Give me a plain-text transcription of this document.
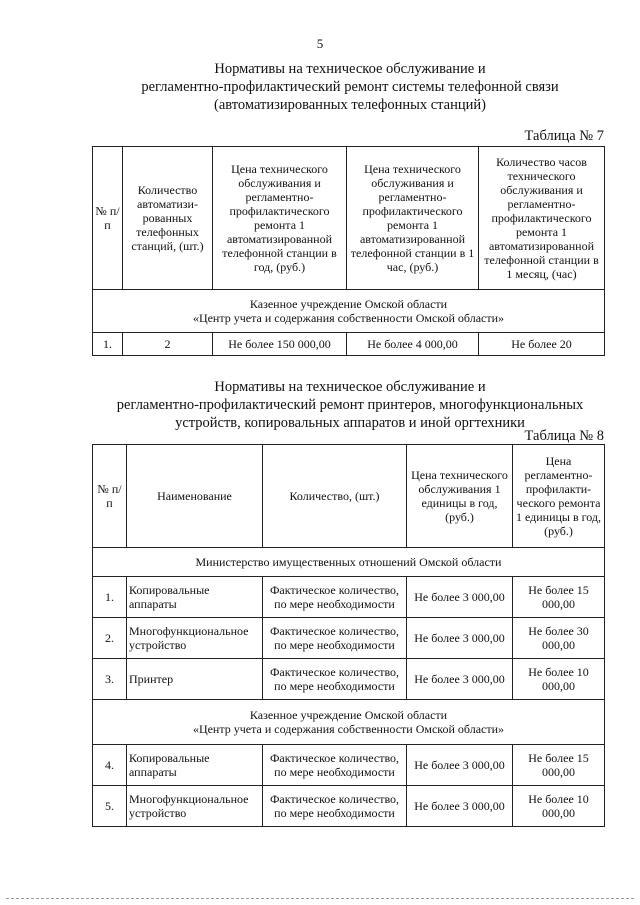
5
Нормативы на техническое обслуживание и
регламентно-профилактический ремонт системы телефонной связи
(автоматизированных телефонных станций)
Таблица № 7
№ п/п	Количество автоматизи-рованных телефонных станций, (шт.)	Цена технического обслуживания и регламентно-профилактического ремонта 1 автоматизированной телефонной станции в год, (руб.)	Цена технического обслуживания и регламентно-профилактического ремонта 1 автоматизированной телефонной станции в 1 час, (руб.)	Количество часов технического обслуживания и регламентно-профилактического ремонта 1 автоматизированной телефонной станции в 1 месяц, (час)

Казенное учреждение Омской области
«Центр учета и содержания собственности Омской области»				

1.	2	Не более 150 000,00	Не более 4 000,00	Не более 20
Нормативы на техническое обслуживание и
регламентно-профилактический ремонт принтеров, многофункциональных
устройств, копировальных аппаратов и иной оргтехники
Таблица № 8
№ п/п	Наименование	Количество, (шт.)	Цена технического обслуживания 1 единицы в год, (руб.)	Цена регламентно-профилакти-ческого ремонта 1 единицы в год, (руб.)
Министерство имущественных отношений Омской области				
1.	Копировальные аппараты	Фактическое количество, по мере необходимости	Не более 3 000,00	Не более 15 000,00
2.	Многофункциональное устройство	Фактическое количество, по мере необходимости	Не более 3 000,00	Не более 30 000,00
3.	Принтер	Фактическое количество, по мере необходимости	Не более 3 000,00	Не более 10 000,00

Казенное учреждение Омской области
«Центр учета и содержания собственности Омской области»				

4.	Копировальные аппараты	Фактическое количество, по мере необходимости	Не более 3 000,00	Не более 15 000,00
5.	Многофункциональное устройство	Фактическое количество, по мере необходимости	Не более 3 000,00	Не более 10 000,00
